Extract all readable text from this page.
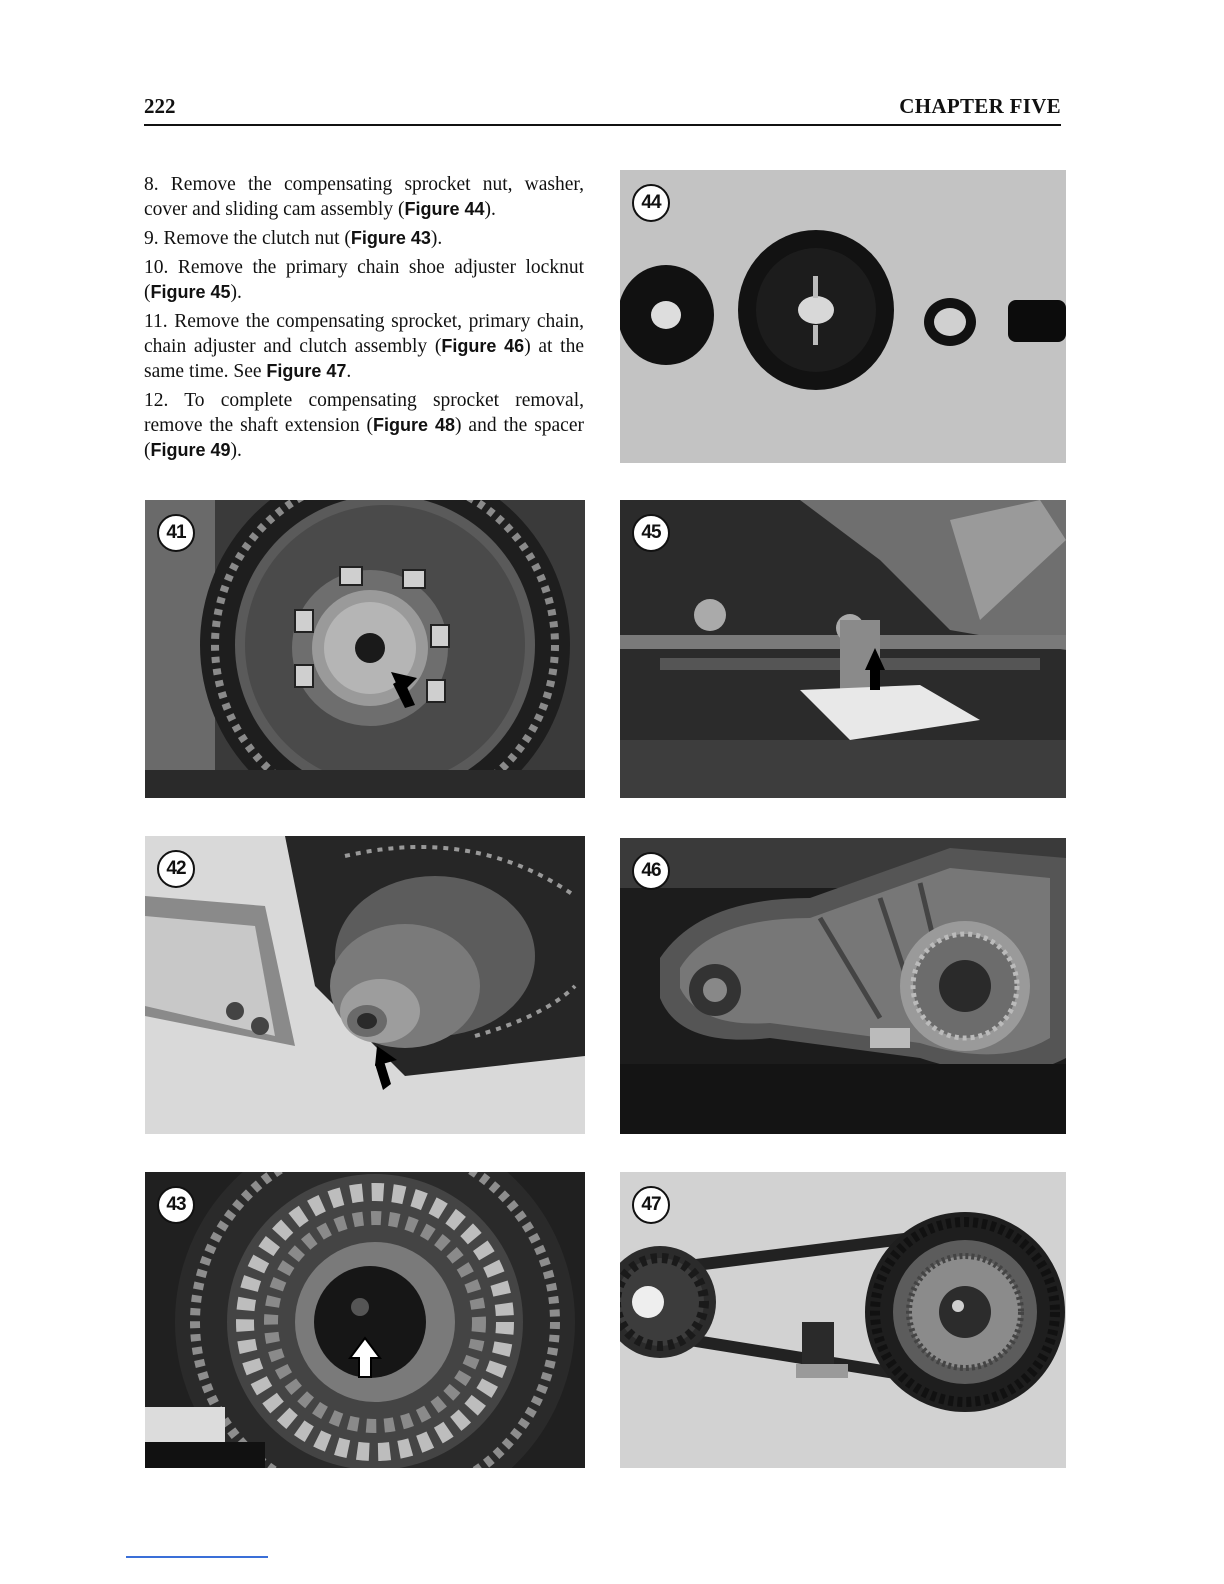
222	CHAPTER FIVE

8. Remove the compensating sprocket nut, washer, cover and sliding cam assembly (Figure 44).

9. Remove the clutch nut (Figure 43).

10. Remove the primary chain shoe adjuster locknut (Figure 45).

11. Remove the compensating sprocket, primary chain, chain adjuster and clutch assembly (Figure 46) at the same time. See Figure 47.

12. To complete compensating sprocket removal, remove the shaft extension (Figure 48) and the spacer (Figure 49).

44
41	45
42	46
43	47
